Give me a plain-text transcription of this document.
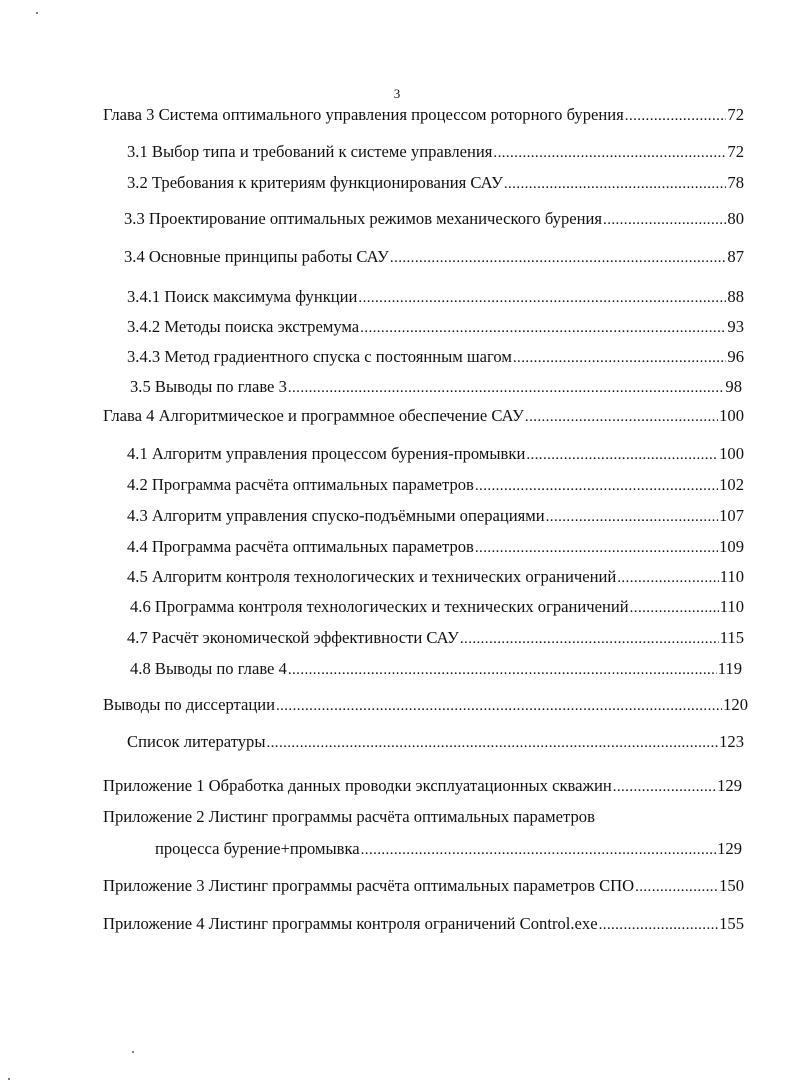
3
Глава 3 Система оптимального управления процессом роторного бурения .....	72
3.1 Выбор типа и требований к системе управления .....	72
3.2 Требования к критериям функционирования САУ .....	78
3.3 Проектирование оптимальных режимов механического бурения .....	80
3.4 Основные принципы работы САУ .....	87
3.4.1 Поиск максимума функции .....	88
3.4.2 Методы поиска экстремума .....	93
3.4.3 Метод градиентного спуска с постоянным шагом .....	96
3.5 Выводы по главе 3 .....	98
Глава 4 Алгоритмическое и программное обеспечение САУ .....	100
4.1 Алгоритм управления процессом бурения-промывки .....	100
4.2 Программа расчёта оптимальных параметров .....	102
4.3 Алгоритм управления спуско-подъёмными операциями .....	107
4.4 Программа расчёта оптимальных параметров .....	109
4.5 Алгоритм контроля технологических и технических ограничений .....	110
4.6 Программа контроля технологических и технических ограничений .....	110
4.7 Расчёт экономической эффективности САУ .....	115
4.8 Выводы по главе 4 .....	119
Выводы по диссертации .....	120
Список литературы .....	123
Приложение 1 Обработка данных проводки эксплуатационных скважин .....	129
Приложение 2 Листинг программы расчёта оптимальных параметров
процесса бурение+промывка .....	129
Приложение 3 Листинг программы расчёта оптимальных параметров СПО .....	150
Приложение 4 Листинг программы контроля ограничений Control.exe .....	155
